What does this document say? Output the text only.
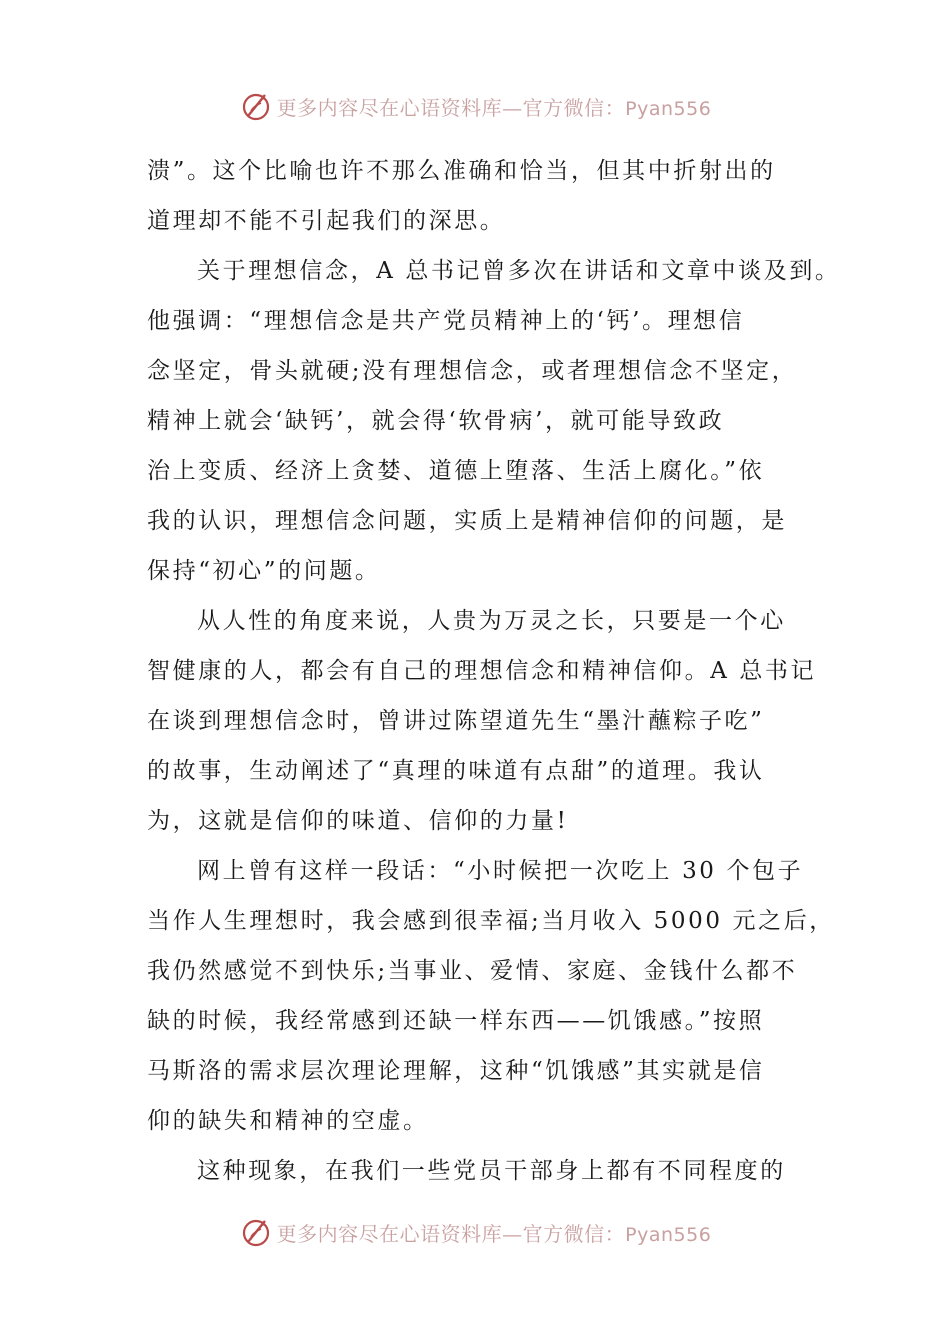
更多内容尽在心语资料库—官方微信：Pyan556
溃”。这个比喻也许不那么准确和恰当，但其中折射出的
道理却不能不引起我们的深思。
关于理想信念，A 总书记曾多次在讲话和文章中谈及到。
他强调：“理想信念是共产党员精神上的‘钙’。理想信
念坚定，骨头就硬;没有理想信念，或者理想信念不坚定，
精神上就会‘缺钙’，就会得‘软骨病’，就可能导致政
治上变质、经济上贪婪、道德上堕落、生活上腐化。”依
我的认识，理想信念问题，实质上是精神信仰的问题，是
保持“初心”的问题。
从人性的角度来说，人贵为万灵之长，只要是一个心
智健康的人，都会有自己的理想信念和精神信仰。A 总书记
在谈到理想信念时，曾讲过陈望道先生“墨汁蘸粽子吃”
的故事，生动阐述了“真理的味道有点甜”的道理。我认
为，这就是信仰的味道、信仰的力量!
网上曾有这样一段话：“小时候把一次吃上 30 个包子
当作人生理想时，我会感到很幸福;当月收入 5000 元之后，
我仍然感觉不到快乐;当事业、爱情、家庭、金钱什么都不
缺的时候，我经常感到还缺一样东西——饥饿感。”按照
马斯洛的需求层次理论理解，这种“饥饿感”其实就是信
仰的缺失和精神的空虚。
这种现象，在我们一些党员干部身上都有不同程度的
更多内容尽在心语资料库—官方微信：Pyan556
